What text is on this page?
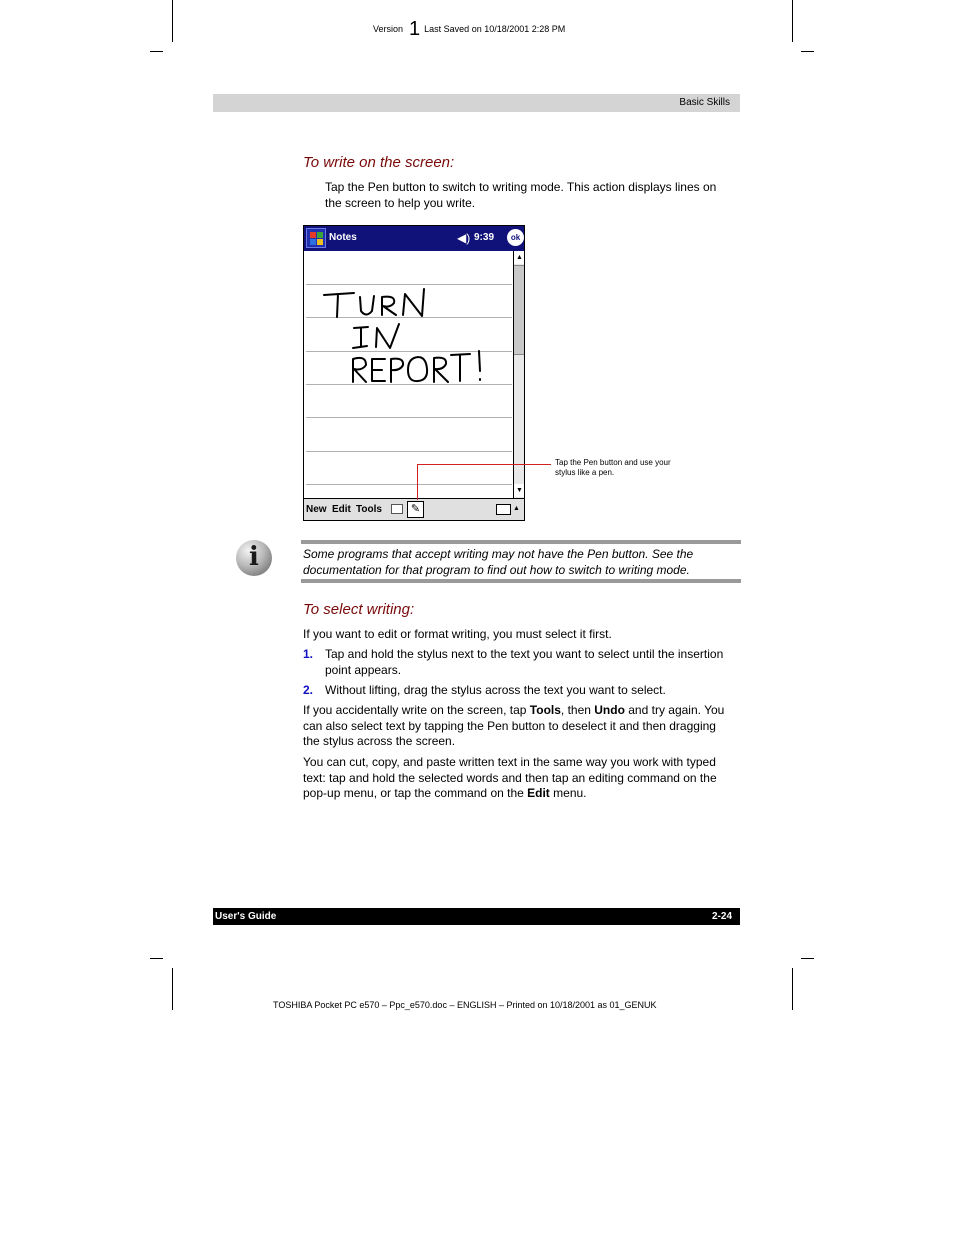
Version 1 Last Saved on 10/18/2001 2:28 PM
Basic Skills
To write on the screen:
Tap the Pen button to switch to writing mode. This action displays lines on the screen to help you write.
Notes	◀) 9:39	ok
▲
▼
New Edit Tools	✎	▲
Tap the Pen button and use your stylus like a pen.
i	Some programs that accept writing may not have the Pen button. See the documentation for that program to find out how to switch to writing mode.
To select writing:
If you want to edit or format writing, you must select it first.
1. Tap and hold the stylus next to the text you want to select until the insertion point appears.
2. Without lifting, drag the stylus across the text you want to select.
If you accidentally write on the screen, tap Tools, then Undo and try again. You can also select text by tapping the Pen button to deselect it and then dragging the stylus across the screen.
You can cut, copy, and paste written text in the same way you work with typed text: tap and hold the selected words and then tap an editing command on the pop-up menu, or tap the command on the Edit menu.
User's Guide	2-24
TOSHIBA Pocket PC e570 – Ppc_e570.doc – ENGLISH – Printed on 10/18/2001 as 01_GENUK
